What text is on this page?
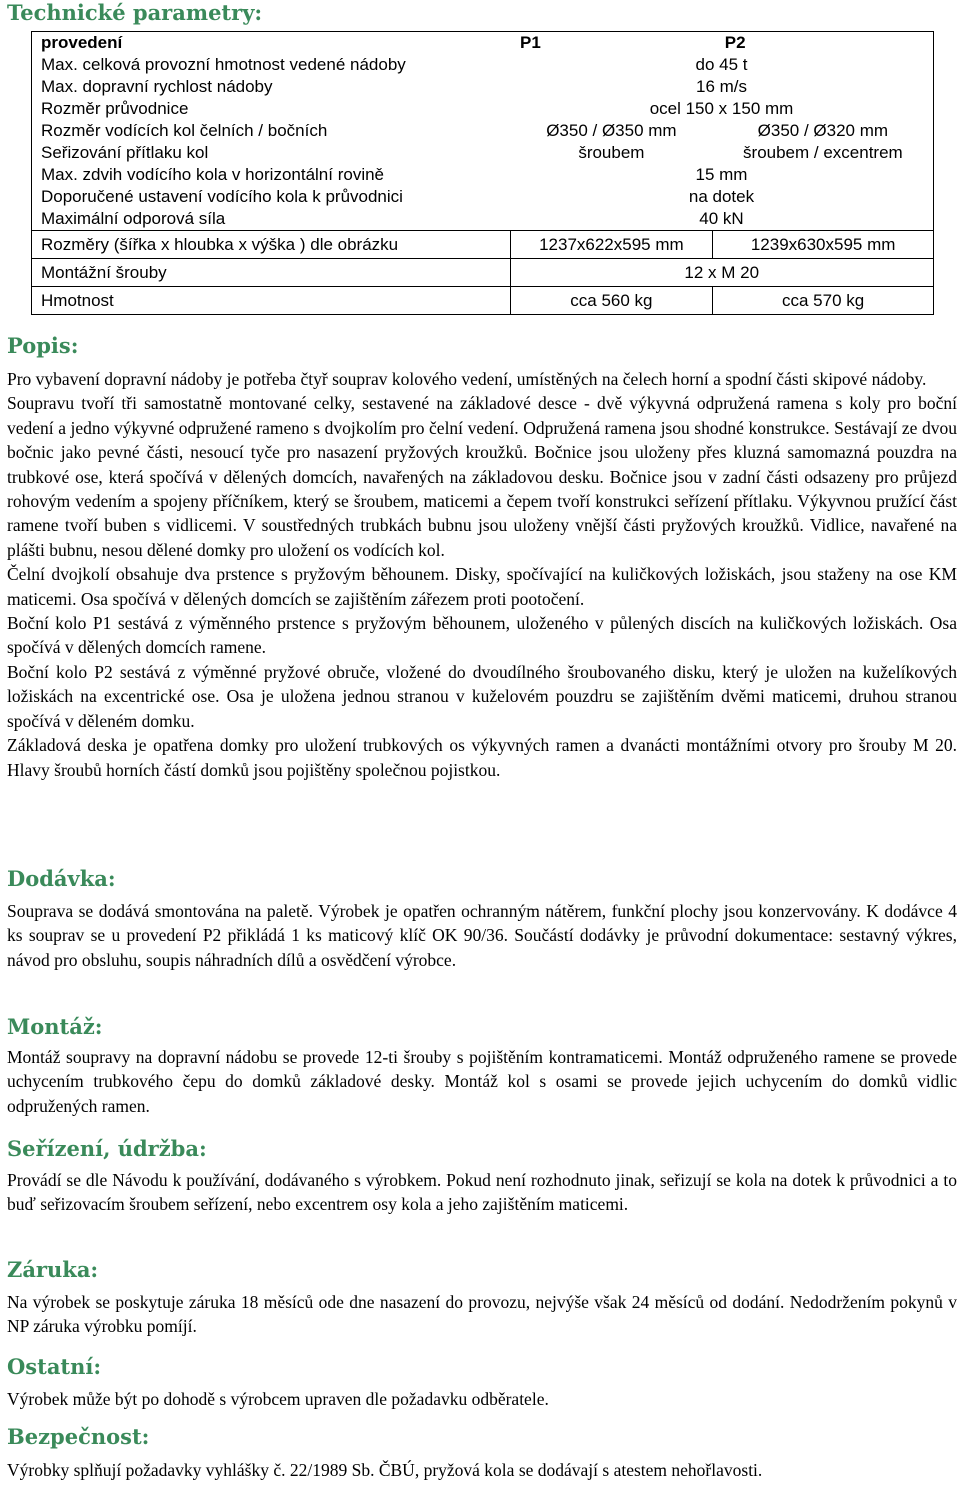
Technické parametry:
provedení	P1	P2
Max. celková provozní hmotnost vedené nádoby	do 45 t	
Max. dopravní rychlost nádoby	16 m/s	
Rozměr průvodnice	ocel 150 x 150 mm	
Rozměr vodících kol čelních / bočních	Ø350 / Ø350 mm	Ø350 / Ø320 mm
Seřizování přítlaku kol	šroubem	šroubem / excentrem
Max. zdvih vodícího kola v horizontální rovině	15 mm	
Doporučené ustavení vodícího kola k průvodnici	na dotek	
Maximální odporová síla	40 kN	
Rozměry (šířka x hloubka x výška ) dle obrázku	1237x622x595 mm	1239x630x595 mm
Montážní šrouby	12 x M 20	
Hmotnost	cca 560 kg	cca 570 kg
Popis:

Pro vybavení dopravní nádoby je potřeba čtyř souprav kolového vedení, umístěných na čelech horní a spodní části skipové nádoby.

Soupravu tvoří tři samostatně montované celky, sestavené na základové desce - dvě výkyvná odpružená ramena s koly pro boční vedení a jedno výkyvné odpružené rameno s dvojkolím pro čelní vedení. Odpružená ramena jsou shodné konstrukce. Sestávají ze dvou bočnic jako pevné části, nesoucí tyče pro nasazení pryžových kroužků. Bočnice jsou uloženy přes kluzná samomazná pouzdra na trubkové ose, která spočívá v dělených domcích, navařených na základovou desku. Bočnice jsou v zadní části odsazeny pro průjezd rohovým vedením a spojeny příčníkem, který se šroubem, maticemi a čepem tvoří konstrukci seřízení přítlaku. Výkyvnou pružící část ramene tvoří buben s vidlicemi. V soustředných trubkách bubnu jsou uloženy vnější části pryžových kroužků. Vidlice, navařené na plášti bubnu, nesou dělené domky pro uložení os vodících kol.

Čelní dvojkolí obsahuje dva prstence s pryžovým běhounem. Disky, spočívající na kuličkových ložiskách, jsou staženy na ose KM maticemi. Osa spočívá v dělených domcích se zajištěním zářezem proti pootočení.

Boční kolo P1 sestává z výměnného prstence s pryžovým běhounem, uloženého v půlených discích na kuličkových ložiskách. Osa spočívá v dělených domcích ramene.

Boční kolo P2 sestává z výměnné pryžové obruče, vložené do dvoudílného šroubovaného disku, který je uložen na kuželíkových ložiskách na excentrické ose. Osa je uložena jednou stranou v kuželovém pouzdru se zajištěním dvěmi maticemi, druhou stranou spočívá v děleném domku.

Základová deska je opatřena domky pro uložení trubkových os výkyvných ramen a dvanácti montážními otvory pro šrouby M 20. Hlavy šroubů horních částí domků jsou pojištěny společnou pojistkou.

Dodávka:

Souprava se dodává smontována na paletě. Výrobek je opatřen ochranným nátěrem, funkční plochy jsou konzervovány. K dodávce 4 ks souprav se u provedení P2 přikládá 1 ks maticový klíč OK 90/36. Součástí dodávky je průvodní dokumentace: sestavný výkres, návod pro obsluhu, soupis náhradních dílů a osvědčení výrobce.

Montáž:

Montáž soupravy na dopravní nádobu se provede 12-ti šrouby s pojištěním kontramaticemi. Montáž odpruženého ramene se provede uchycením trubkového čepu do domků základové desky. Montáž kol s osami se provede jejich uchycením do domků vidlic odpružených ramen.

Seřízení, údržba:

Provádí se dle Návodu k používání, dodávaného s výrobkem. Pokud není rozhodnuto jinak, seřizují se kola na dotek k průvodnici a to buď seřizovacím šroubem seřízení, nebo excentrem osy kola a jeho zajištěním maticemi.

Záruka:

Na výrobek se poskytuje záruka 18 měsíců ode dne nasazení do provozu, nejvýše však 24 měsíců od dodání. Nedodržením pokynů v NP záruka výrobku pomíjí.

Ostatní:

Výrobek může být po dohodě s výrobcem upraven dle požadavku odběratele.

Bezpečnost:

Výrobky splňují požadavky vyhlášky č. 22/1989 Sb. ČBÚ, pryžová kola se dodávají s atestem nehořlavosti.
